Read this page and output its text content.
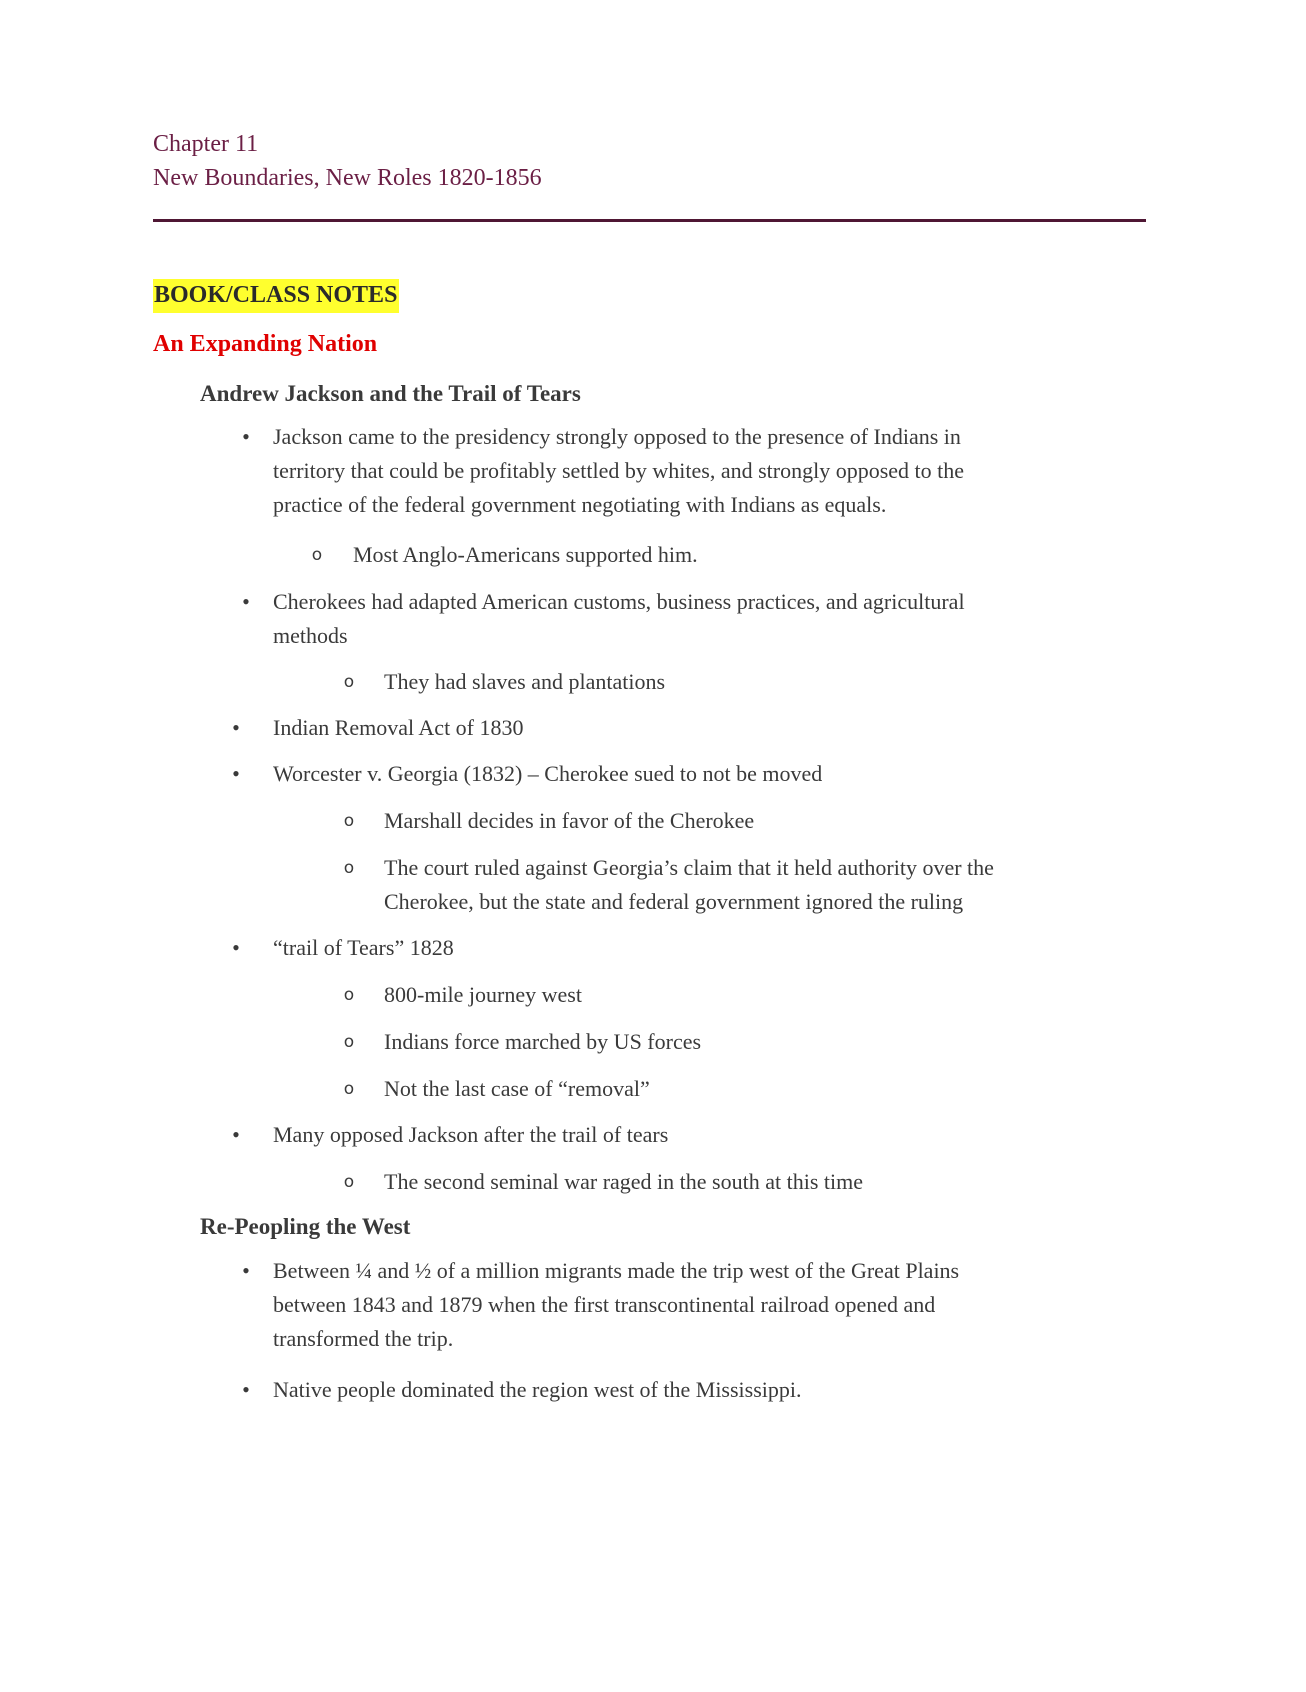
Chapter 11
New Boundaries, New Roles 1820-1856
BOOK/CLASS NOTES
An Expanding Nation
Andrew Jackson and the Trail of Tears
• Jackson came to the presidency strongly opposed to the presence of Indians in
territory that could be profitably settled by whites, and strongly opposed to the
practice of the federal government negotiating with Indians as equals.
o Most Anglo-Americans supported him.
• Cherokees had adapted American customs, business practices, and agricultural
methods
o They had slaves and plantations
• Indian Removal Act of 1830
• Worcester v. Georgia (1832) – Cherokee sued to not be moved
o Marshall decides in favor of the Cherokee
o The court ruled against Georgia’s claim that it held authority over the
Cherokee, but the state and federal government ignored the ruling
• “trail of Tears” 1828
o 800-mile journey west
o Indians force marched by US forces
o Not the last case of “removal”
• Many opposed Jackson after the trail of tears
o The second seminal war raged in the south at this time
Re-Peopling the West
• Between ¼ and ½ of a million migrants made the trip west of the Great Plains
between 1843 and 1879 when the first transcontinental railroad opened and
transformed the trip.
• Native people dominated the region west of the Mississippi.
